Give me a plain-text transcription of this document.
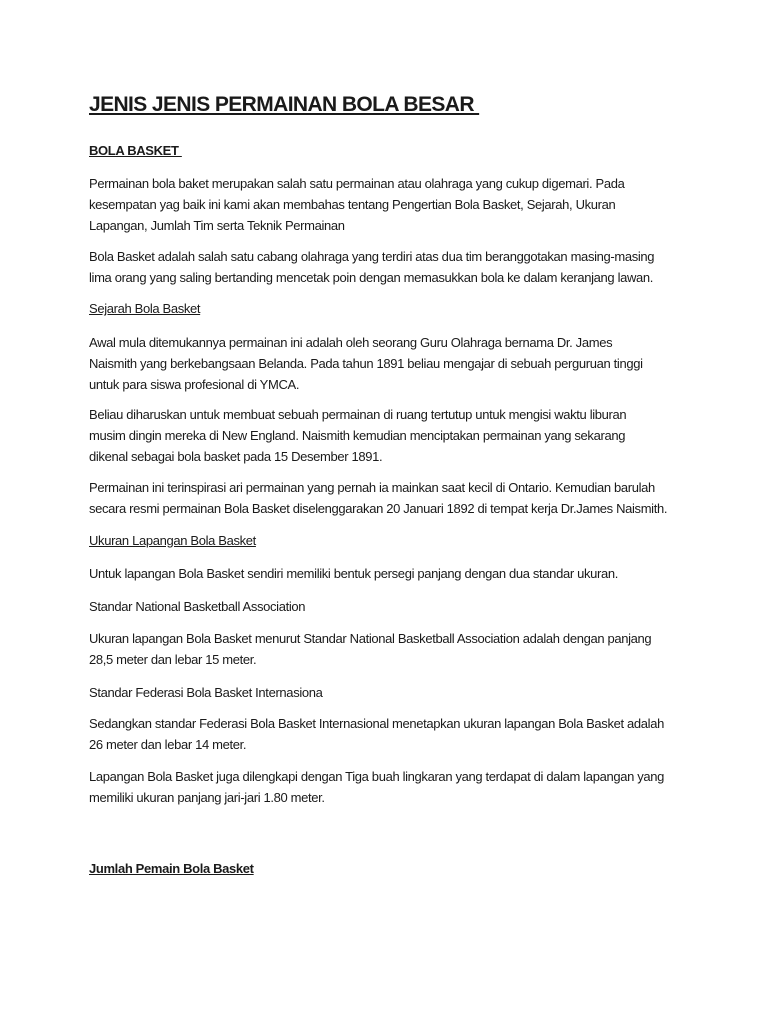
JENIS JENIS PERMAINAN BOLA BESAR
BOLA BASKET
Permainan bola baket merupakan salah satu permainan atau olahraga yang cukup digemari. Pada
kesempatan yag baik ini kami akan membahas tentang Pengertian Bola Basket, Sejarah, Ukuran
Lapangan, Jumlah Tim serta Teknik Permainan
Bola Basket adalah salah satu cabang olahraga yang terdiri atas dua tim beranggotakan masing-masing
lima orang yang saling bertanding mencetak poin dengan memasukkan bola ke dalam keranjang lawan.
Sejarah Bola Basket
Awal mula ditemukannya permainan ini adalah oleh seorang Guru Olahraga bernama Dr. James
Naismith yang berkebangsaan Belanda. Pada tahun 1891 beliau mengajar di sebuah perguruan tinggi
untuk para siswa profesional di YMCA.
Beliau diharuskan untuk membuat sebuah permainan di ruang tertutup untuk mengisi waktu liburan
musim dingin mereka di New England. Naismith kemudian menciptakan permainan yang sekarang
dikenal sebagai bola basket pada 15 Desember 1891.
Permainan ini terinspirasi ari permainan yang pernah ia mainkan saat kecil di Ontario. Kemudian barulah
secara resmi permainan Bola Basket diselenggarakan 20 Januari 1892 di tempat kerja Dr.James Naismith.
Ukuran Lapangan Bola Basket
Untuk lapangan Bola Basket sendiri memiliki bentuk persegi panjang dengan dua standar ukuran.
Standar National Basketball Association
Ukuran lapangan Bola Basket menurut Standar National Basketball Association adalah dengan panjang
28,5 meter dan lebar 15 meter.
Standar Federasi Bola Basket Internasiona
Sedangkan standar Federasi Bola Basket Internasional menetapkan ukuran lapangan Bola Basket adalah
26 meter dan lebar 14 meter.
Lapangan Bola Basket juga dilengkapi dengan Tiga buah lingkaran yang terdapat di dalam lapangan yang
memiliki ukuran panjang jari-jari 1.80 meter.
Jumlah Pemain Bola Basket
